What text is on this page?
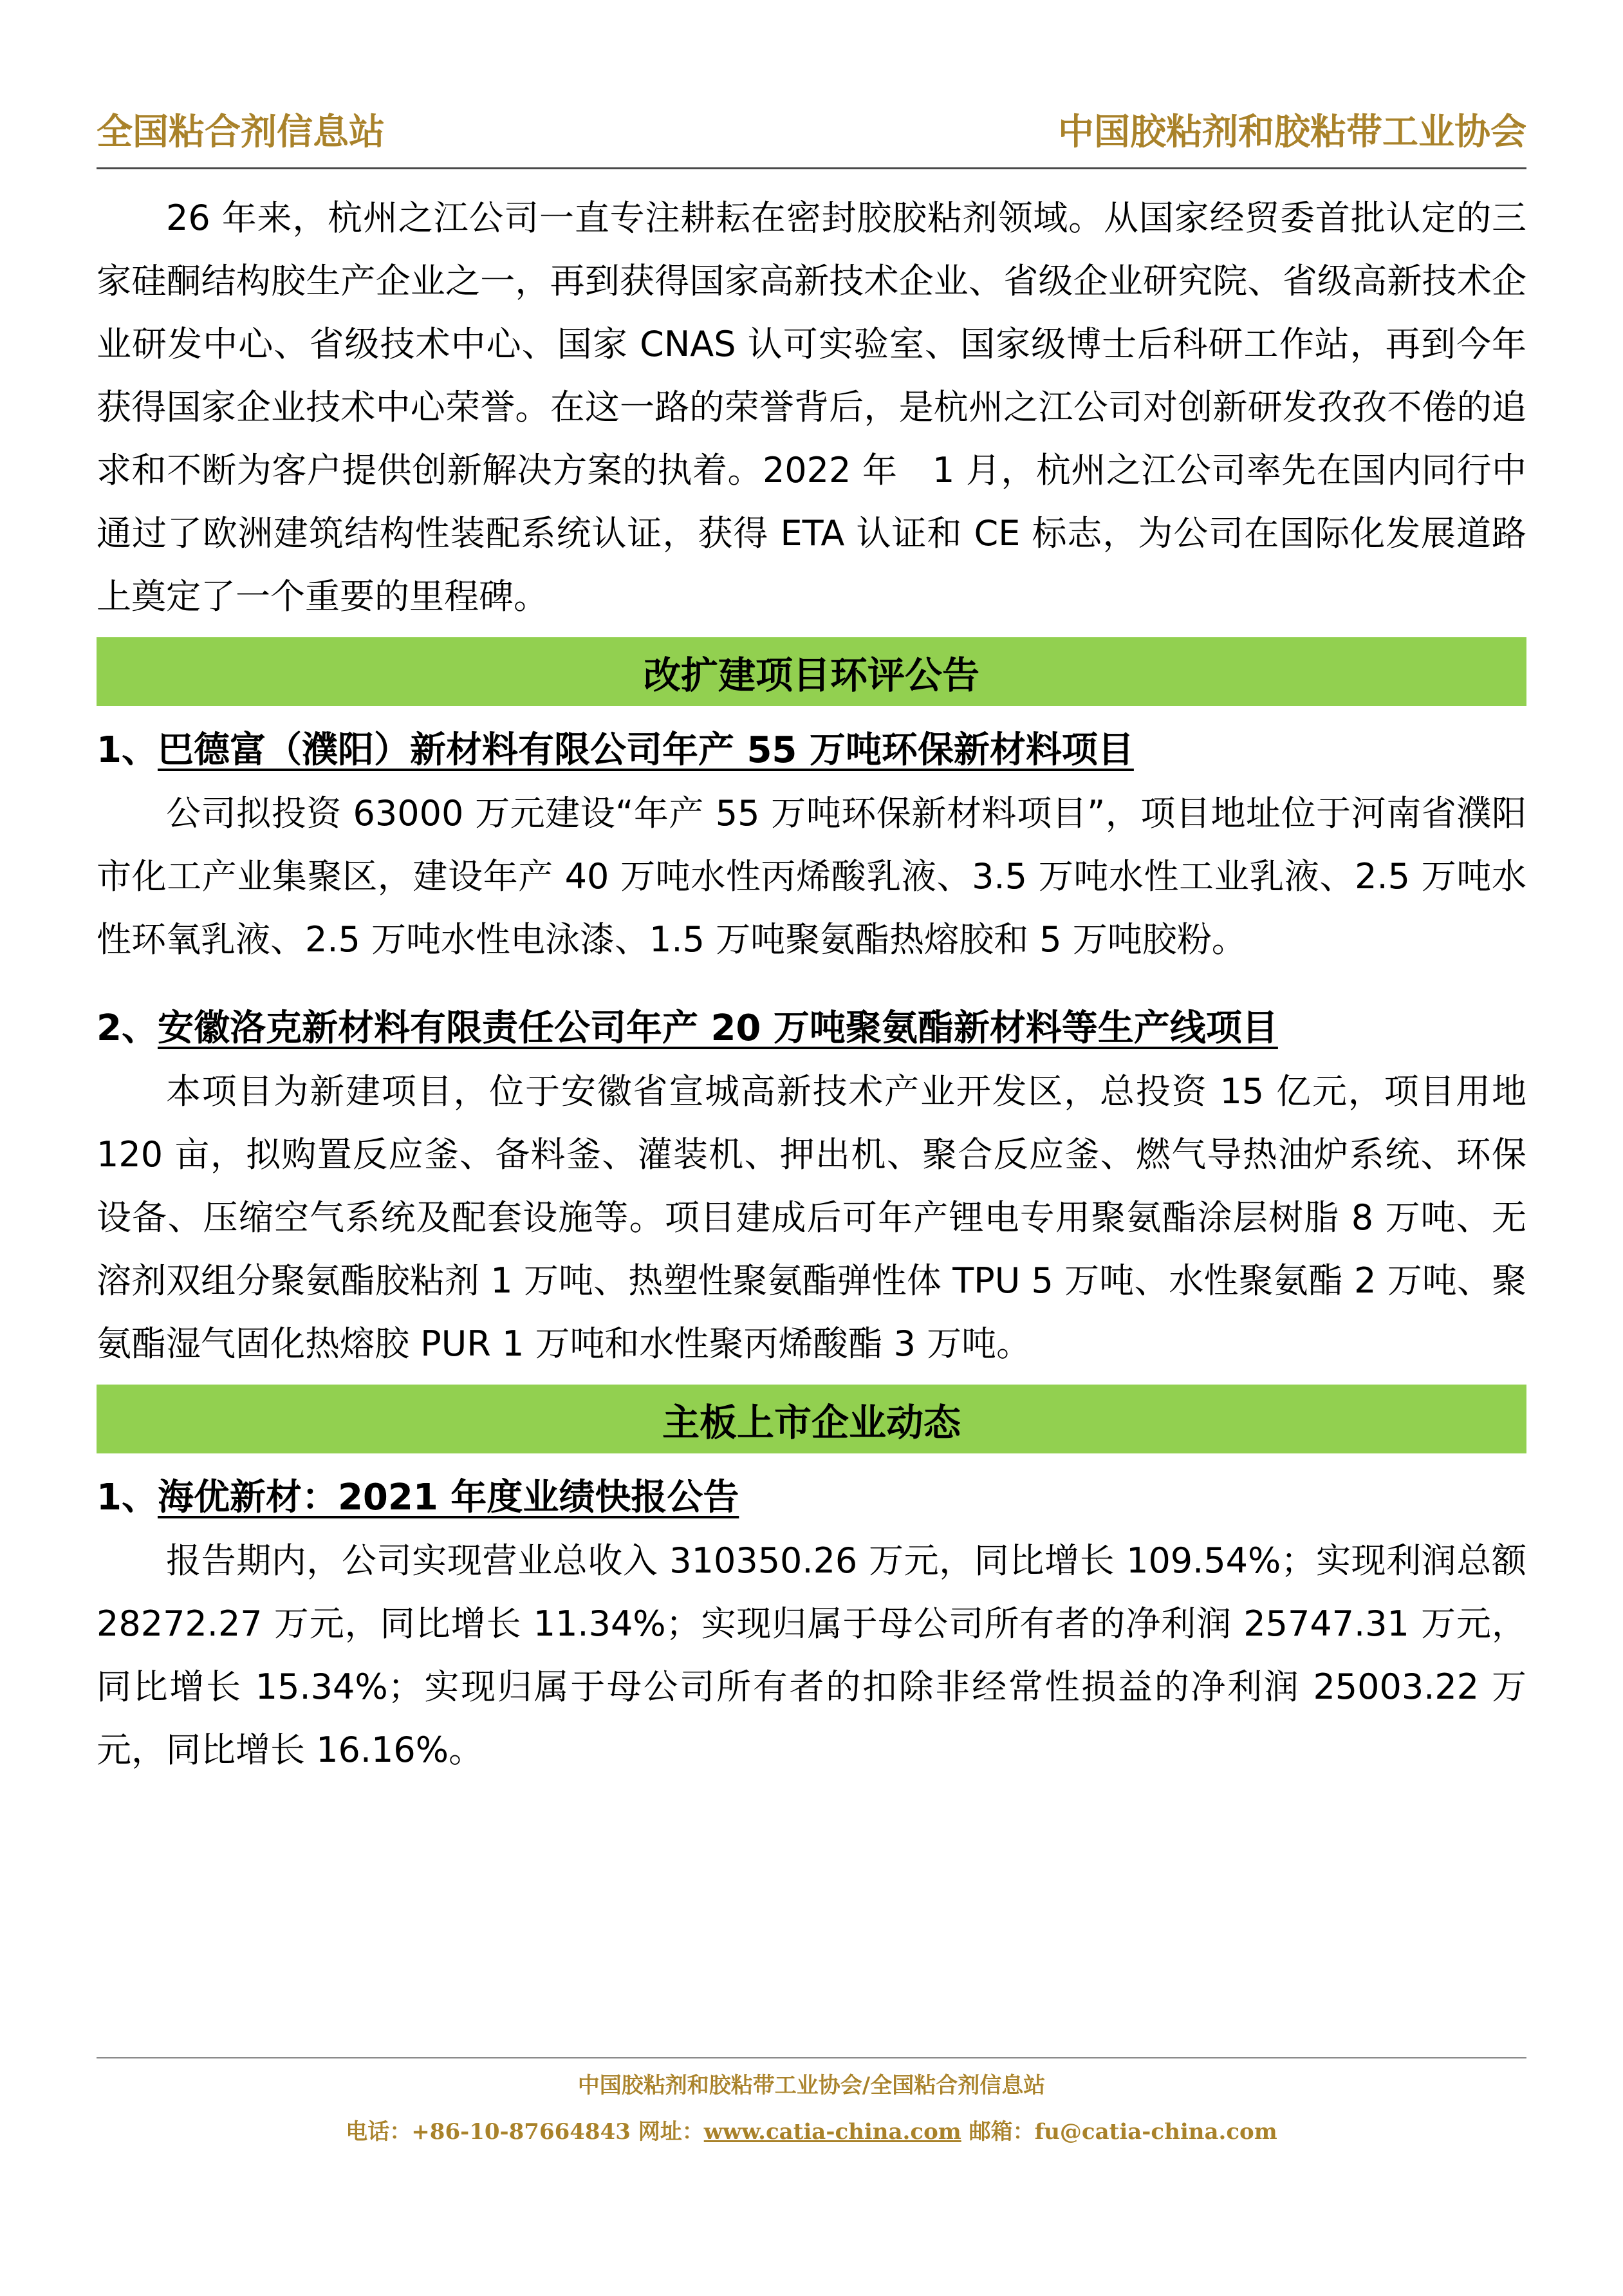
全国粘合剂信息站	中国胶粘剂和胶粘带工业协会

26 年来，杭州之江公司一直专注耕耘在密封胶胶粘剂领域。从国家经贸委首批认定的三家硅酮结构胶生产企业之一，再到获得国家高新技术企业、省级企业研究院、省级高新技术企业研发中心、省级技术中心、国家 CNAS 认可实验室、国家级博士后科研工作站，再到今年获得国家企业技术中心荣誉。在这一路的荣誉背后，是杭州之江公司对创新研发孜孜不倦的追求和不断为客户提供创新解决方案的执着。2022 年　1 月，杭州之江公司率先在国内同行中通过了欧洲建筑结构性装配系统认证，获得 ETA 认证和 CE 标志，为公司在国际化发展道路上奠定了一个重要的里程碑。

改扩建项目环评公告

1、巴德富（濮阳）新材料有限公司年产 55 万吨环保新材料项目

公司拟投资 63000 万元建设“年产 55 万吨环保新材料项目”，项目地址位于河南省濮阳市化工产业集聚区，建设年产 40 万吨水性丙烯酸乳液、3.5 万吨水性工业乳液、2.5 万吨水性环氧乳液、2.5 万吨水性电泳漆、1.5 万吨聚氨酯热熔胶和 5 万吨胶粉。

2、安徽洛克新材料有限责任公司年产 20 万吨聚氨酯新材料等生产线项目

本项目为新建项目，位于安徽省宣城高新技术产业开发区，总投资 15 亿元，项目用地 120 亩，拟购置反应釜、备料釜、灌装机、押出机、聚合反应釜、燃气导热油炉系统、环保设备、压缩空气系统及配套设施等。项目建成后可年产锂电专用聚氨酯涂层树脂 8 万吨、无溶剂双组分聚氨酯胶粘剂 1 万吨、热塑性聚氨酯弹性体 TPU 5 万吨、水性聚氨酯 2 万吨、聚氨酯湿气固化热熔胶 PUR 1 万吨和水性聚丙烯酸酯 3 万吨。

主板上市企业动态

1、海优新材：2021 年度业绩快报公告

报告期内，公司实现营业总收入 310350.26 万元，同比增长 109.54%；实现利润总额 28272.27 万元，同比增长 11.34%；实现归属于母公司所有者的净利润 25747.31 万元，同比增长 15.34%；实现归属于母公司所有者的扣除非经常性损益的净利润 25003.22 万元，同比增长 16.16%。

中国胶粘剂和胶粘带工业协会/全国粘合剂信息站
电话：+86-10-87664843 网址：www.catia-china.com 邮箱：fu@catia-china.com
